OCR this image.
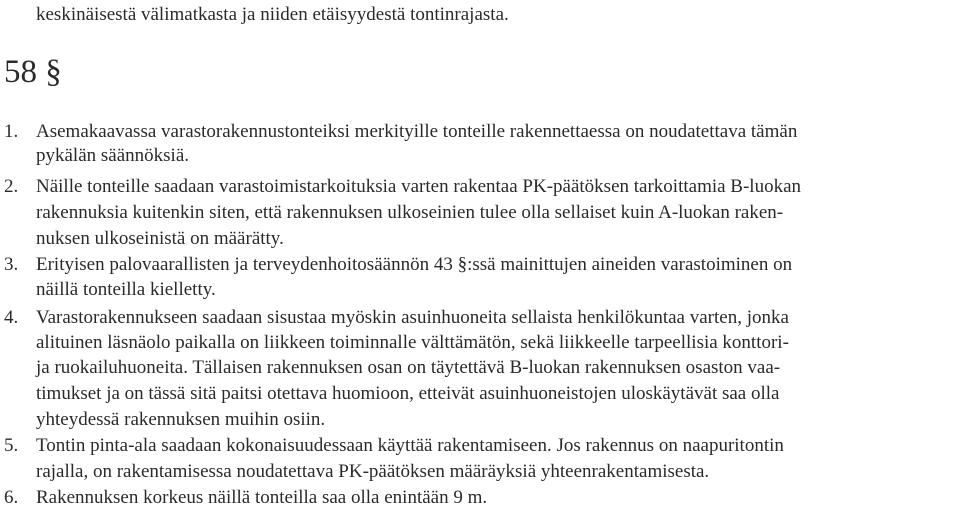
keskinäisestä välimatkasta ja niiden etäisyydestä tontinrajasta.
58 §
1. Asemakaavassa varastorakennustonteiksi merkityille tonteille rakennettaessa on noudatettava tämän
pykälän säännöksiä.
2. Näille tonteille saadaan varastoimistarkoituksia varten rakentaa PK-päätöksen tarkoittamia B-luokan
rakennuksia kuitenkin siten, että rakennuksen ulkoseinien tulee olla sellaiset kuin A-luokan raken-
nuksen ulkoseinistä on määrätty.
3. Erityisen palovaarallisten ja terveydenhoitosäännön 43 §:ssä mainittujen aineiden varastoiminen on
näillä tonteilla kielletty.
4. Varastorakennukseen saadaan sisustaa myöskin asuinhuoneita sellaista henkilökuntaa varten, jonka
alituinen läsnäolo paikalla on liikkeen toiminnalle välttämätön, sekä liikkeelle tarpeellisia konttori-
ja ruokailuhuoneita. Tällaisen rakennuksen osan on täytettävä B-luokan rakennuksen osaston vaa-
timukset ja on tässä sitä paitsi otettava huomioon, etteivät asuinhuoneistojen uloskäytävät saa olla
yhteydessä rakennuksen muihin osiin.
5. Tontin pinta-ala saadaan kokonaisuudessaan käyttää rakentamiseen. Jos rakennus on naapuritontin
rajalla, on rakentamisessa noudatettava PK-päätöksen määräyksiä yhteenrakentamisesta.
6. Rakennuksen korkeus näillä tonteilla saa olla enintään 9 m.
